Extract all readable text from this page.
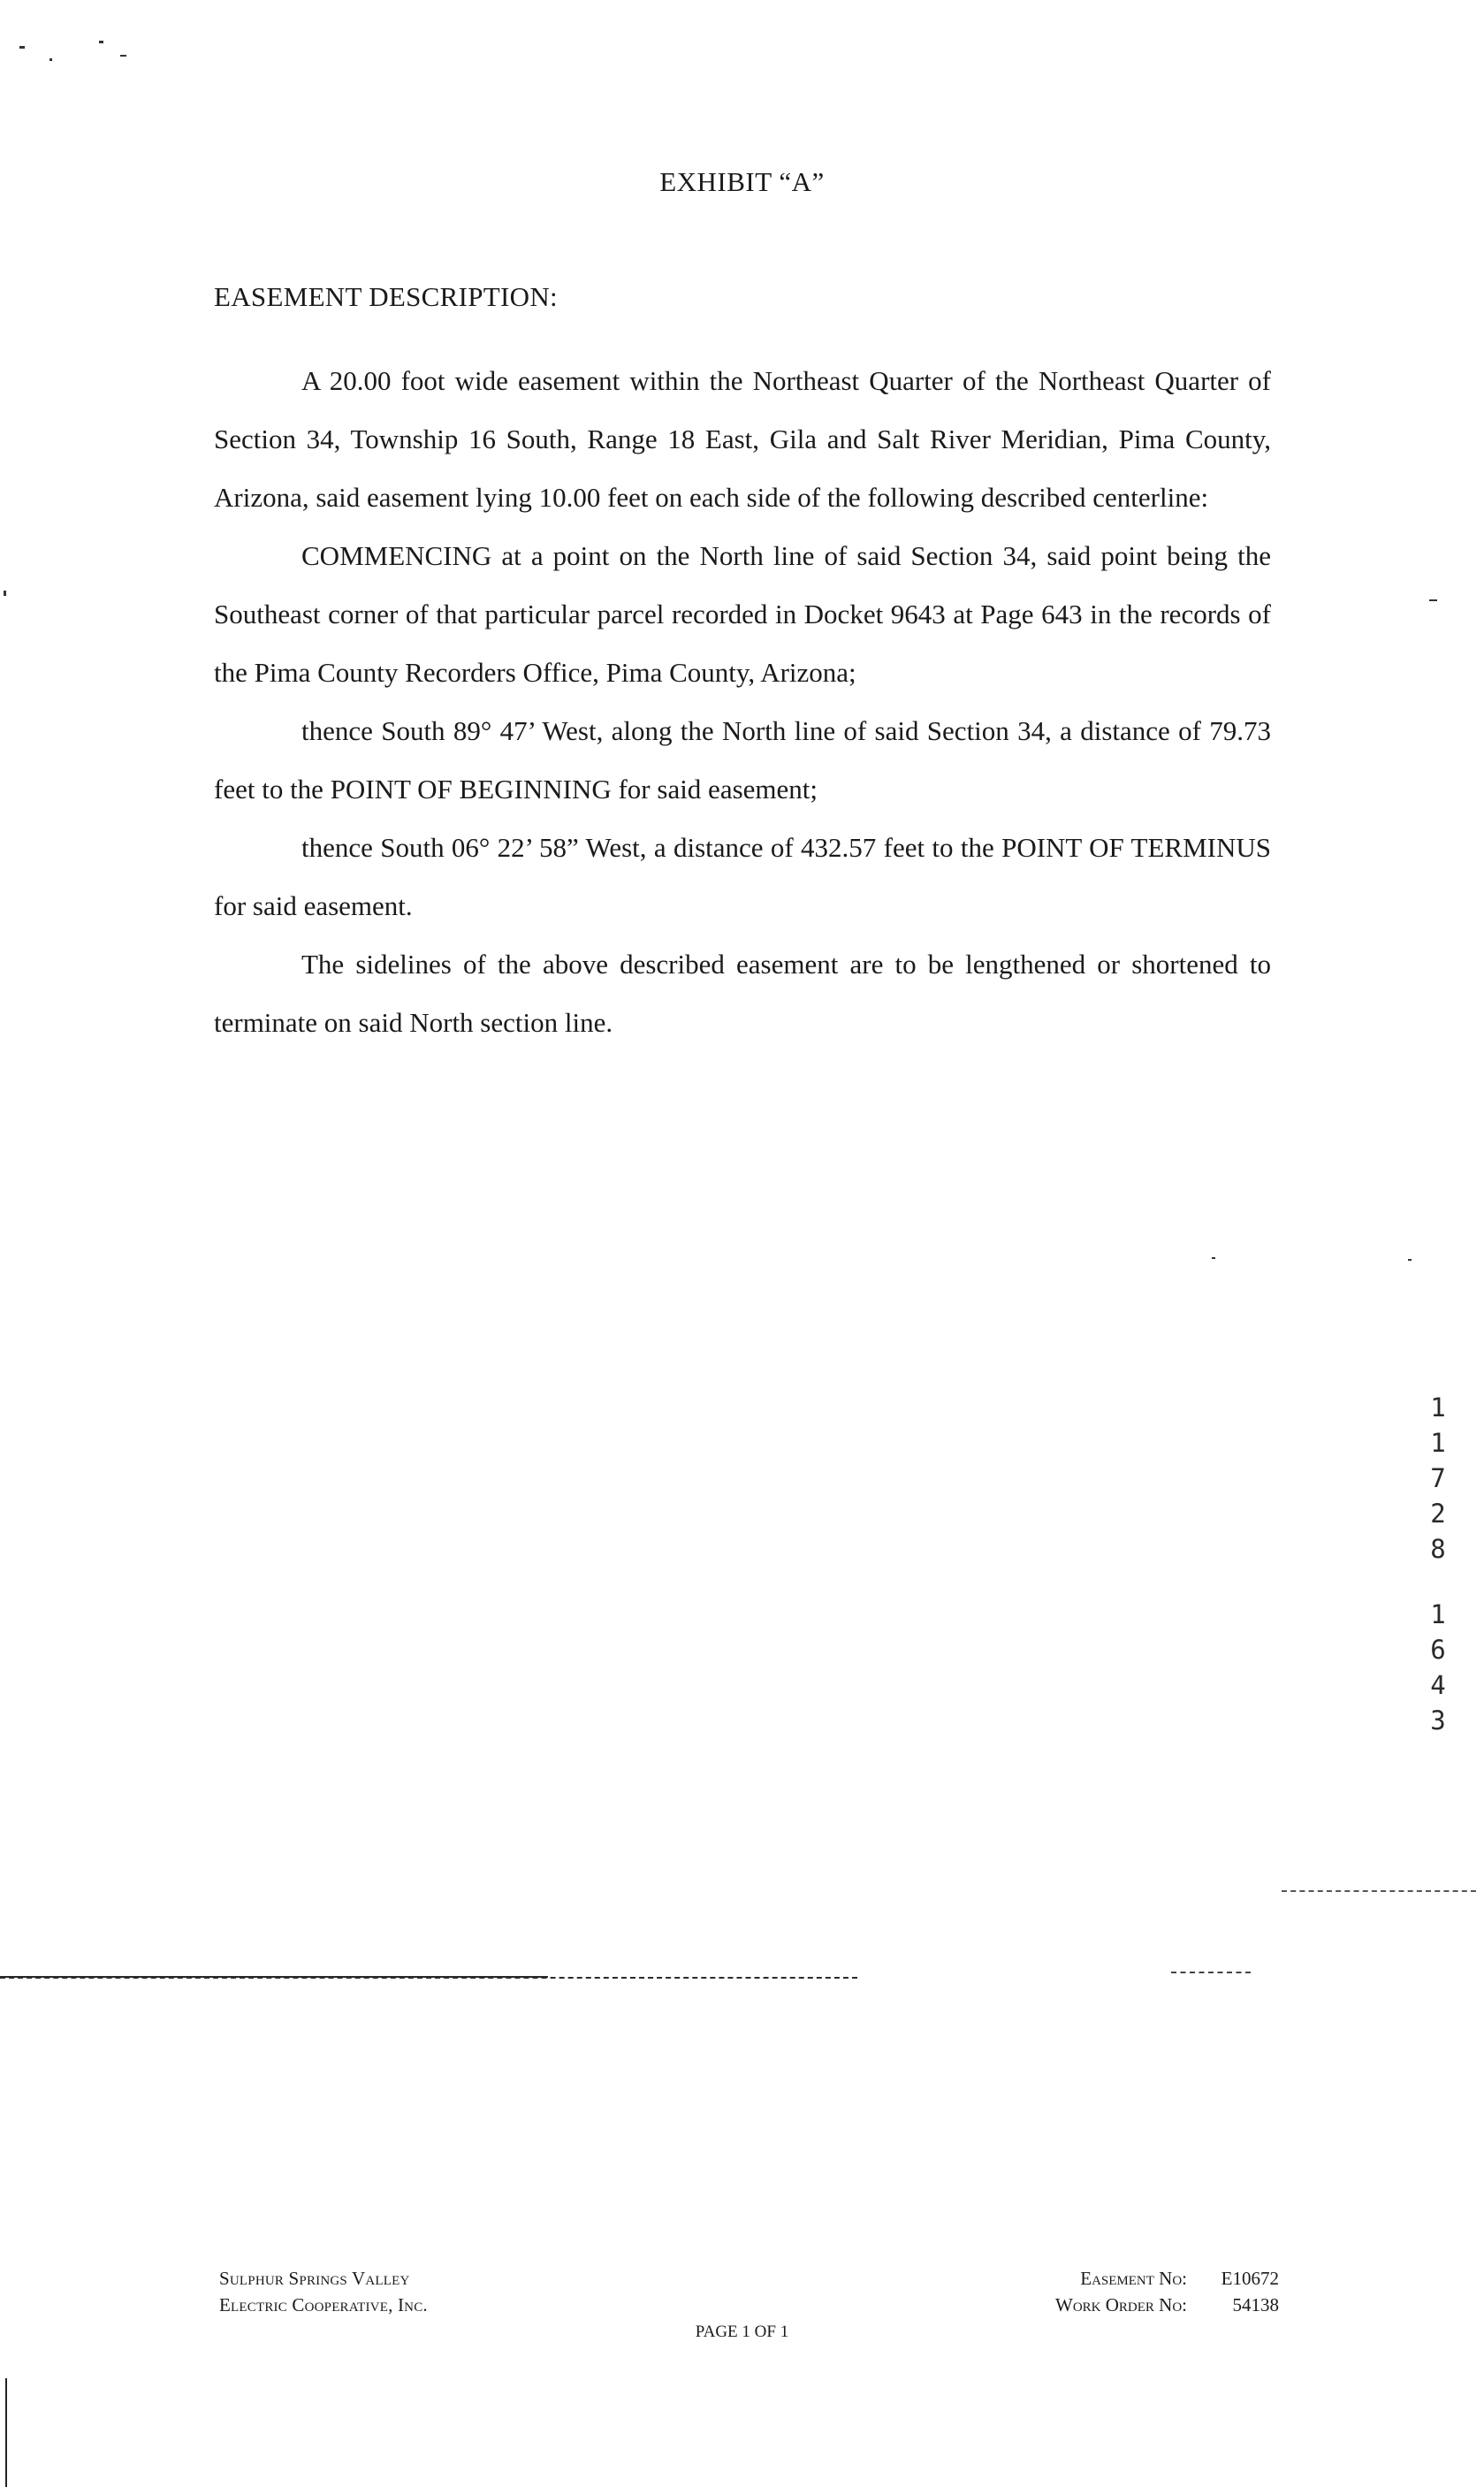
EXHIBIT “A”
EASEMENT DESCRIPTION:

A 20.00 foot wide easement within the Northeast Quarter of the Northeast Quarter of Section 34, Township 16 South, Range 18 East, Gila and Salt River Meridian, Pima County, Arizona, said easement lying 10.00 feet on each side of the following described centerline:

COMMENCING at a point on the North line of said Section 34, said point being the Southeast corner of that particular parcel recorded in Docket 9643 at Page 643 in the records of the Pima County Recorders Office, Pima County, Arizona;

thence South 89° 47’ West, along the North line of said Section 34, a distance of 79.73 feet to the POINT OF BEGINNING for said easement;

thence South 06° 22’ 58” West, a distance of 432.57 feet to the POINT OF TERMINUS for said easement.

The sidelines of the above described easement are to be lengthened or shortened to terminate on said North section line.

1
1
7
2
8
1
6
4
3
Sulphur Springs Valley
Electric Cooperative, Inc.
Easement No:	E10672
Work Order No:	54138
PAGE 1 OF 1
